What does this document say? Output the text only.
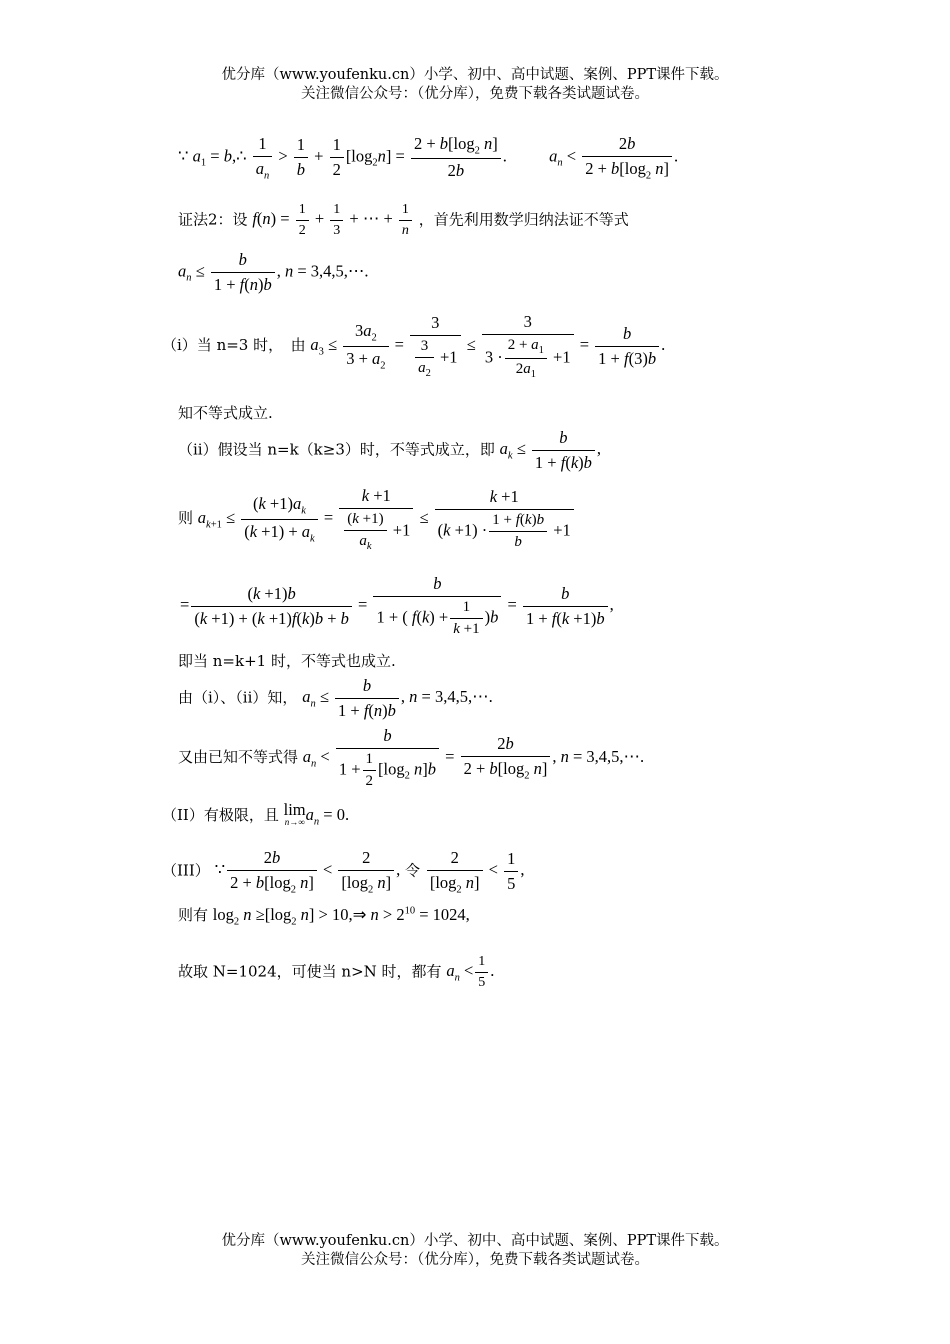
优分库（www.youfenku.cn）小学、初中、高中试题、案例、PPT课件下载。
关注微信公众号：（优分库），免费下载各类试题试卷。
∵ $a_1$ = b,∴ $\frac{1}{a_n} > \frac{1}{b} + \frac{1}{2} [\log_2n] = \frac{2 + b[\log_2 n]}{2b}$ .  $a_n < \frac{2b}{2 + b[\log_2 n]}$ .
证法2：设 $f(n) = \frac{1}{2} + \frac{1}{3}$ + ⋯ + $\frac{1}{n}$ ，首先利用数学归纳法证不等式
$a_n \le \frac{b}{1 + f(n)b}$ , n = 3,4,5,⋯.
（i）当 n=3 时，　由 $a_3 \le \frac{3a_2}{3 + a_2} = \frac{3}{\frac{3}{a_2} +1} \le \frac{3}{3 \cdot \frac{2 + a_1}{2a_1} +1} = \frac{b}{1 + f(3)b}$ .
知不等式成立.
（ii）假设当 n=k（k≥3）时，不等式成立，即 $a_k \le \frac{b}{1 + f(k)b}$ ,
则 $a_{k+1} \le \frac{(k +1)a_k}{(k +1) + a_k} = \frac{k +1}{\frac{(k +1)}{a_k} +1} \le \frac{k +1}{(k +1) \cdot \frac{1 + f(k)b}{b} +1}$
= $\frac{(k +1)b}{(k +1) + (k +1)f(k)b + b} = \frac{b}{1 + ( f(k) + \frac{1}{k +1} )b} = \frac{b}{1 + f(k +1)b}$ ,
即当 n=k+1 时，不等式也成立.
由（i）、（ii）知， $a_n \le \frac{b}{1 + f(n)b}$ , n = 3,4,5,⋯.
又由已知不等式得 $a_n < \frac{b}{1 + \frac{1}{2} [\log_2 n]b} = \frac{2b}{2 + b[\log_2 n]}$ , n = 3,4,5,⋯.
（II）有极限，且 lim
n→∞ $a_n = 0$.
（III） ∵ $\frac{2b}{2 + b[\log_2 n]} < \frac{2}{[\log_2 n]}$ , 令 $\frac{2}{[\log_2 n]} < \frac{1}{5}$ ,
则有 $\log_2 n \ge[\log_2$ n] > 10,⇒ $n > 2^{10} = 1024$,
故取 N=1024，可使当 n>N 时，都有 $a_n < \frac{1}{5}$ .
优分库（www.youfenku.cn）小学、初中、高中试题、案例、PPT课件下载。
关注微信公众号：（优分库），免费下载各类试题试卷。
